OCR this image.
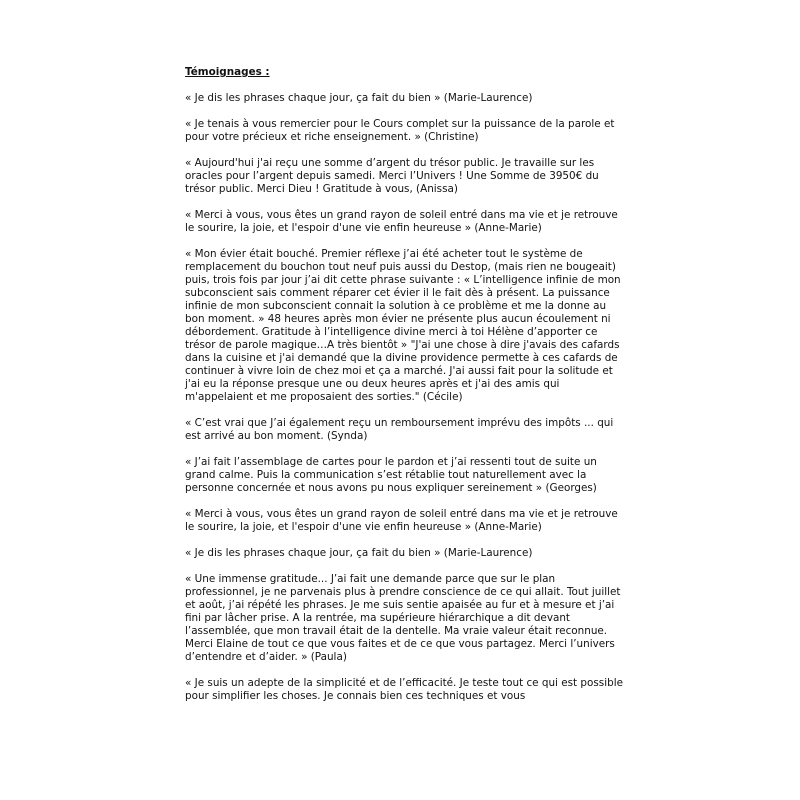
Témoignages :

« Je dis les phrases chaque jour, ça fait du bien » (Marie-Laurence)

« Je tenais à vous remercier pour le Cours complet sur la puissance de la parole et pour votre précieux et riche enseignement. » (Christine)

« Aujourd'hui j'ai reçu une somme d’argent du trésor public. Je travaille sur les oracles pour l’argent depuis samedi. Merci l’Univers ! Une Somme de 3950€ du trésor public. Merci Dieu ! Gratitude à vous, (Anissa)

« Merci à vous, vous êtes un grand rayon de soleil entré dans ma vie et je retrouve le sourire, la joie, et l'espoir d'une vie enfin heureuse » (Anne-Marie)

« Mon évier était bouché. Premier réflexe j’ai été acheter tout le système de remplacement du bouchon tout neuf puis aussi du Destop, (mais rien ne bougeait) puis, trois fois par jour j’ai dit cette phrase suivante : « L’intelligence infinie de mon subconscient sais comment réparer cet évier il le fait dès à présent. La puissance infinie de mon subconscient connait la solution à ce problème et me la donne au bon moment. » 48 heures après mon évier ne présente plus aucun écoulement ni débordement. Gratitude à l’intelligence divine merci à toi Hélène d’apporter ce trésor de parole magique…A très bientôt » "J'ai une chose à dire j'avais des cafards dans la cuisine et j'ai demandé que la divine providence permette à ces cafards de continuer à vivre loin de chez moi et ça a marché. J'ai aussi fait pour la solitude et j'ai eu la réponse presque une ou deux heures après et j'ai des amis qui m'appelaient et me proposaient des sorties." (Cécile)

« C’est vrai que J’ai également reçu un remboursement imprévu des impôts ... qui est arrivé au bon moment. (Synda)

« J’ai fait l’assemblage de cartes pour le pardon et j’ai ressenti tout de suite un grand calme. Puis la communication s’est rétablie tout naturellement avec la personne concernée et nous avons pu nous expliquer sereinement » (Georges)

« Merci à vous, vous êtes un grand rayon de soleil entré dans ma vie et je retrouve le sourire, la joie, et l'espoir d'une vie enfin heureuse » (Anne-Marie)

« Je dis les phrases chaque jour, ça fait du bien » (Marie-Laurence)

« Une immense gratitude... J’ai fait une demande parce que sur le plan professionnel, je ne parvenais plus à prendre conscience de ce qui allait. Tout juillet et août, j’ai répété les phrases. Je me suis sentie apaisée au fur et à mesure et j’ai fini par lâcher prise. A la rentrée, ma supérieure hiérarchique a dit devant l’assemblée, que mon travail était de la dentelle. Ma vraie valeur était reconnue. Merci Elaine de tout ce que vous faites et de ce que vous partagez. Merci l’univers d’entendre et d’aider. » (Paula)

« Je suis un adepte de la simplicité et de l’efficacité. Je teste tout ce qui est possible pour simplifier les choses. Je connais bien ces techniques et vous
